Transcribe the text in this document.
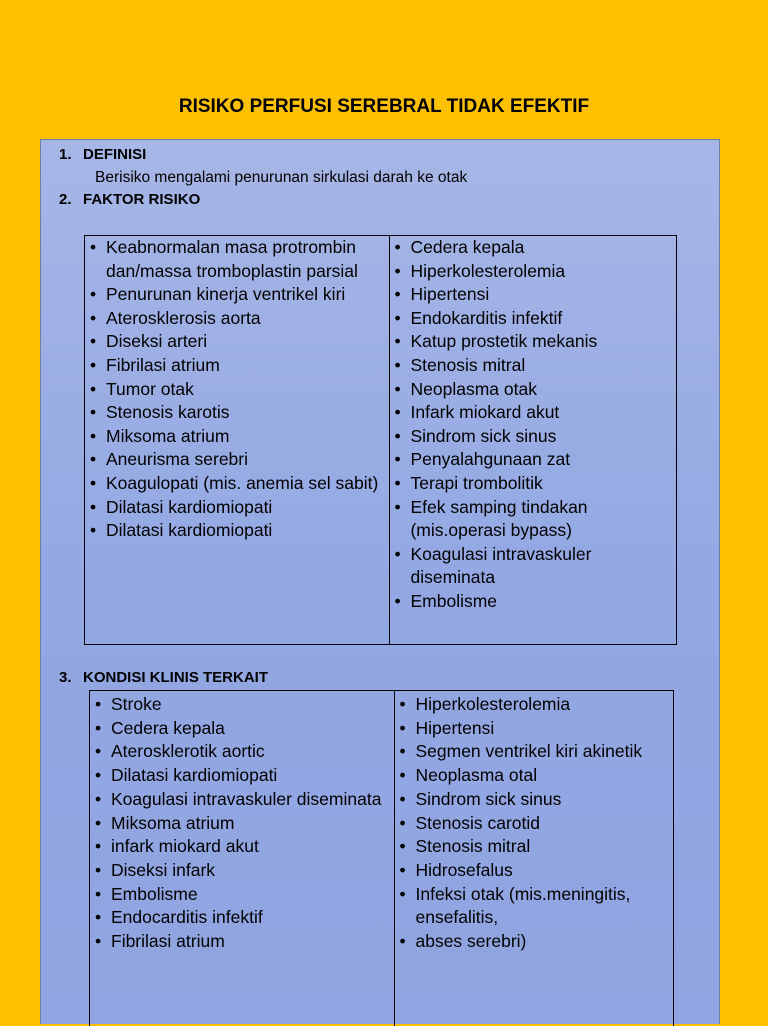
RISIKO PERFUSI SEREBRAL TIDAK EFEKTIF
1. DEFINISI
Berisiko mengalami penurunan sirkulasi darah ke otak
2. FAKTOR RISIKO
• Keabnormalan masa protrombin dan/massa tromboplastin parsial
• Penurunan kinerja ventrikel kiri
• Aterosklerosis aorta
• Diseksi arteri
• Fibrilasi atrium
• Tumor otak
• Stenosis karotis
• Miksoma atrium
• Aneurisma serebri
• Koagulopati (mis. anemia sel sabit)
• Dilatasi kardiomiopati
• Dilatasi kardiomiopati
• Cedera kepala
• Hiperkolesterolemia
• Hipertensi
• Endokarditis infektif
• Katup prostetik mekanis
• Stenosis mitral
• Neoplasma otak
• Infark miokard akut
• Sindrom sick sinus
• Penyalahgunaan zat
• Terapi trombolitik
• Efek samping tindakan (mis.operasi bypass)
• Koagulasi intravaskuler diseminata
• Embolisme
3. KONDISI KLINIS TERKAIT
• Stroke
• Cedera kepala
• Aterosklerotik aortic
• Dilatasi kardiomiopati
• Koagulasi intravaskuler diseminata
• Miksoma atrium
• infark miokard akut
• Diseksi infark
• Embolisme
• Endocarditis infektif
• Fibrilasi atrium
• Hiperkolesterolemia
• Hipertensi
• Segmen ventrikel kiri akinetik
• Neoplasma otal
• Sindrom sick sinus
• Stenosis carotid
• Stenosis mitral
• Hidrosefalus
• Infeksi otak (mis.meningitis, ensefalitis,
• abses serebri)
